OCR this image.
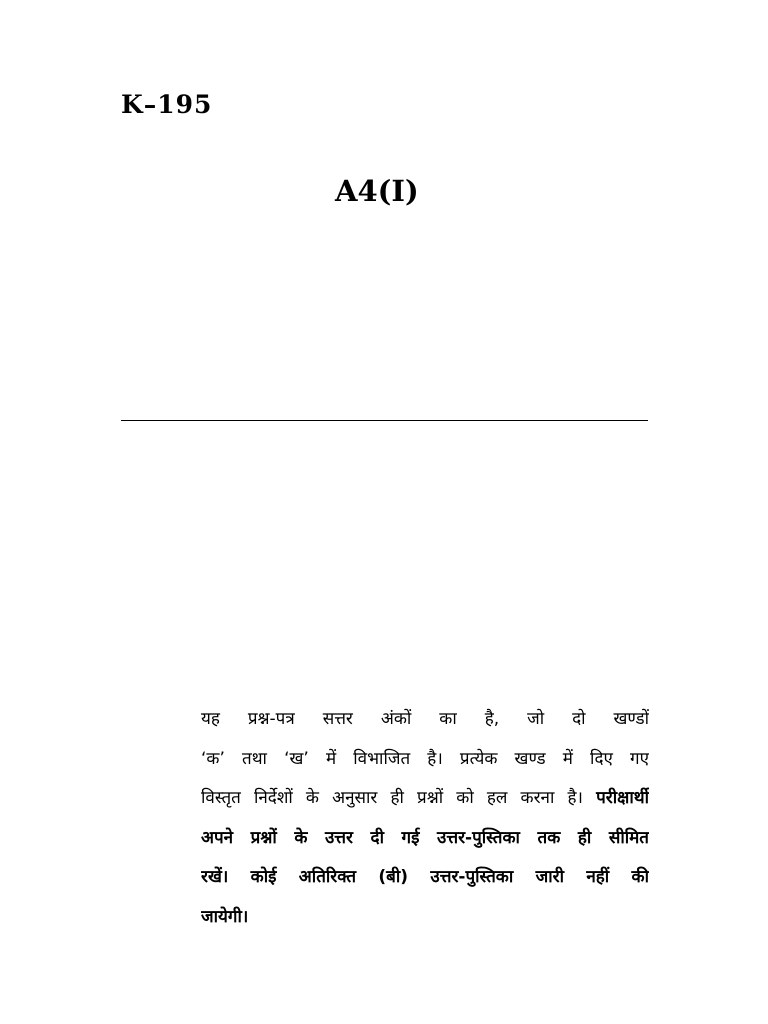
K–195
A4(I)
यह प्रश्न-पत्र सत्तर अंकों का है, जो दो खण्डों
‘क’ तथा ‘ख’ में विभाजित है। प्रत्येक खण्ड में दिए गए
विस्तृत निर्देशों के अनुसार ही प्रश्नों को हल करना है। परीक्षार्थी
अपने प्रश्नों के उत्तर दी गई उत्तर-पुस्तिका तक ही सीमित
रखें। कोई अतिरिक्त (बी) उत्तर-पुस्तिका जारी नहीं की
जायेगी।
